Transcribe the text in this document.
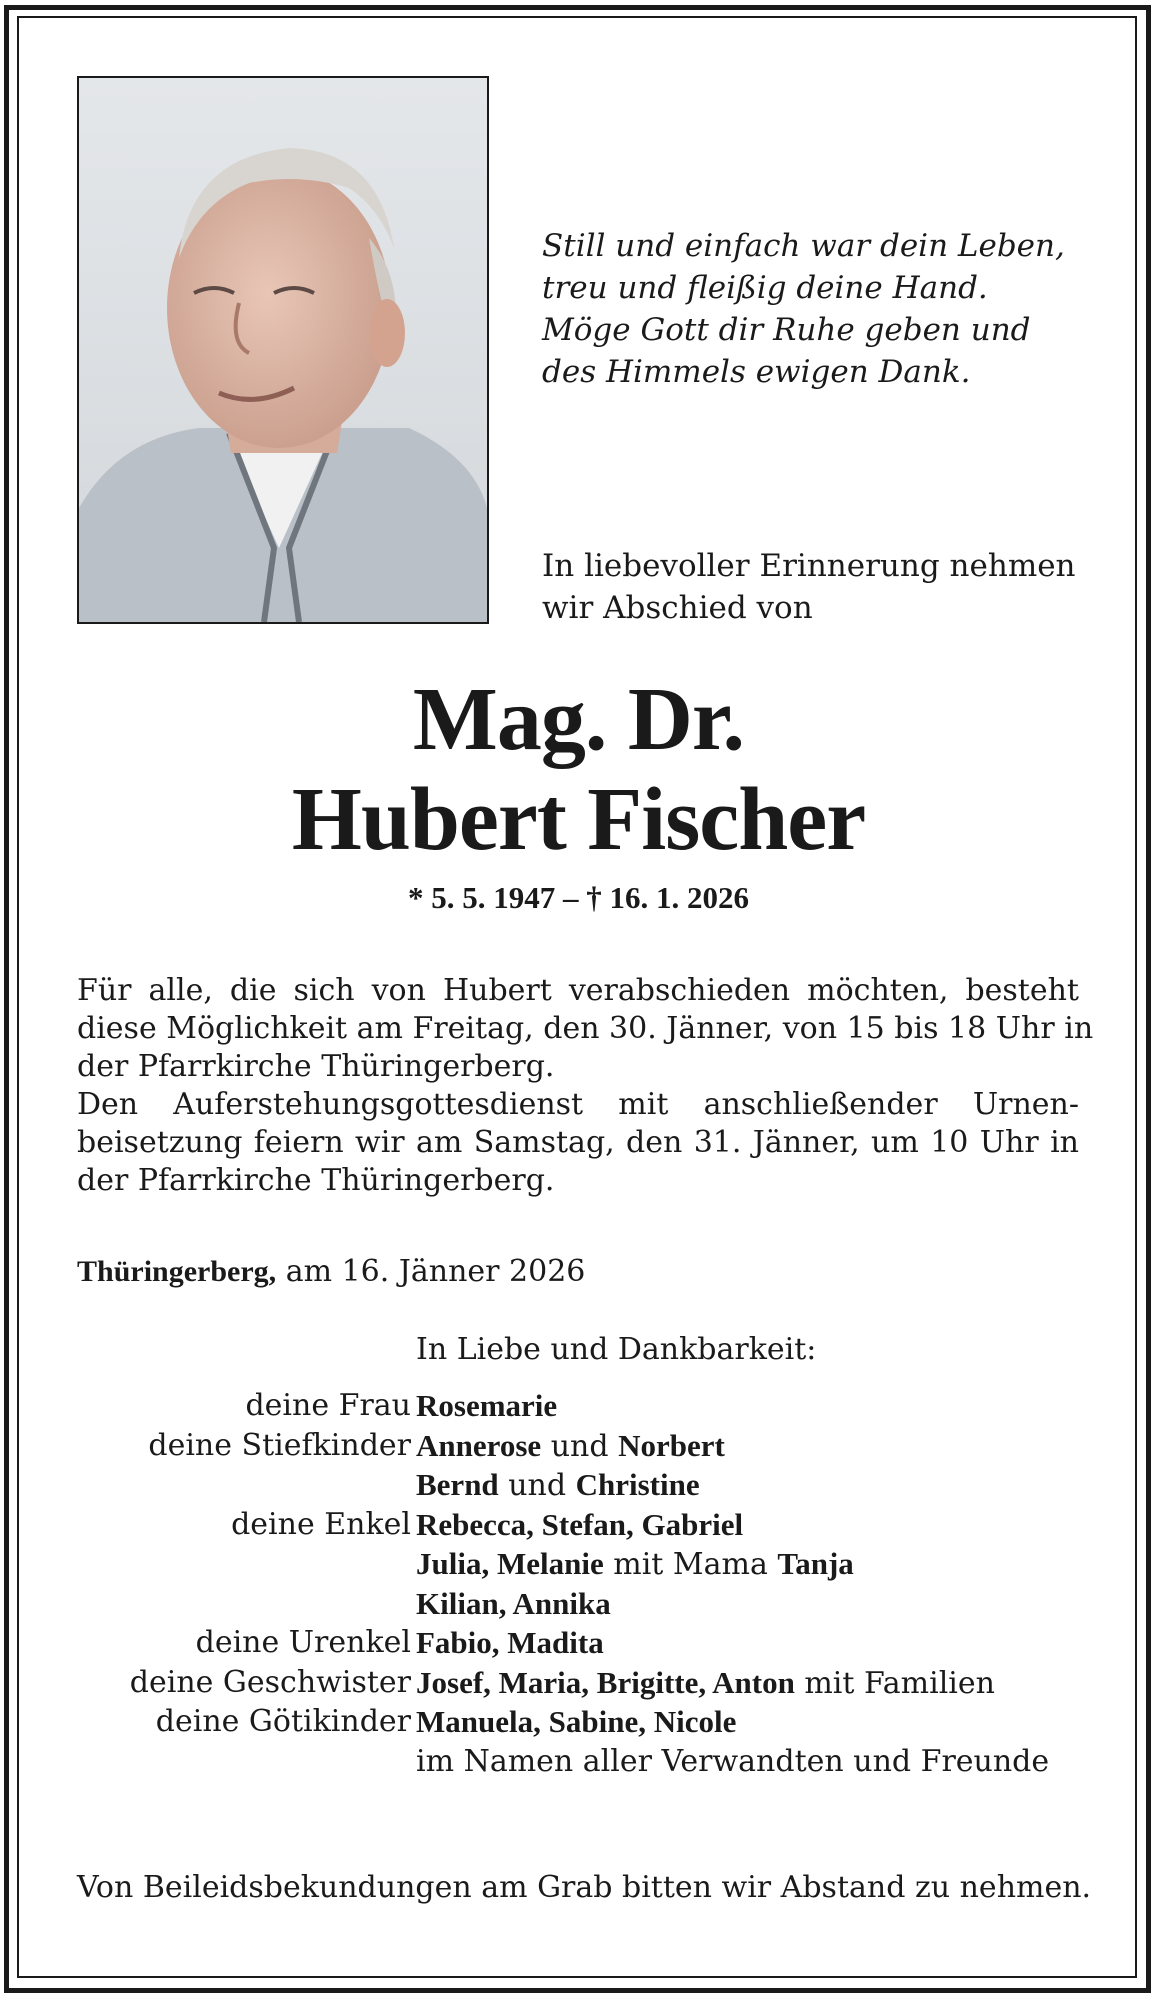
Still und einfach war dein Leben,
treu und fleißig deine Hand.
Möge Gott dir Ruhe geben und
des Himmels ewigen Dank.
In liebevoller Erinnerung nehmen
wir Abschied von
Mag. Dr.
Hubert Fischer
* 5. 5. 1947 – † 16. 1. 2026
Für alle, die sich von Hubert verabschieden möchten, besteht
diese Möglichkeit am Freitag, den 30. Jänner, von 15 bis 18 Uhr in
der Pfarrkirche Thüringerberg.
Den Auferstehungsgottesdienst mit anschließender Urnen-
beisetzung feiern wir am Samstag, den 31. Jänner, um 10 Uhr in
der Pfarrkirche Thüringerberg.
Thüringerberg, am 16. Jänner 2026
In Liebe und Dankbarkeit:
deine Frau Rosemarie
deine Stiefkinder Annerose und Norbert
Bernd und Christine
deine Enkel Rebecca, Stefan, Gabriel
Julia, Melanie mit Mama Tanja
Kilian, Annika
deine Urenkel Fabio, Madita
deine Geschwister Josef, Maria, Brigitte, Anton mit Familien
deine Götikinder Manuela, Sabine, Nicole
im Namen aller Verwandten und Freunde
Von Beileidsbekundungen am Grab bitten wir Abstand zu nehmen.
